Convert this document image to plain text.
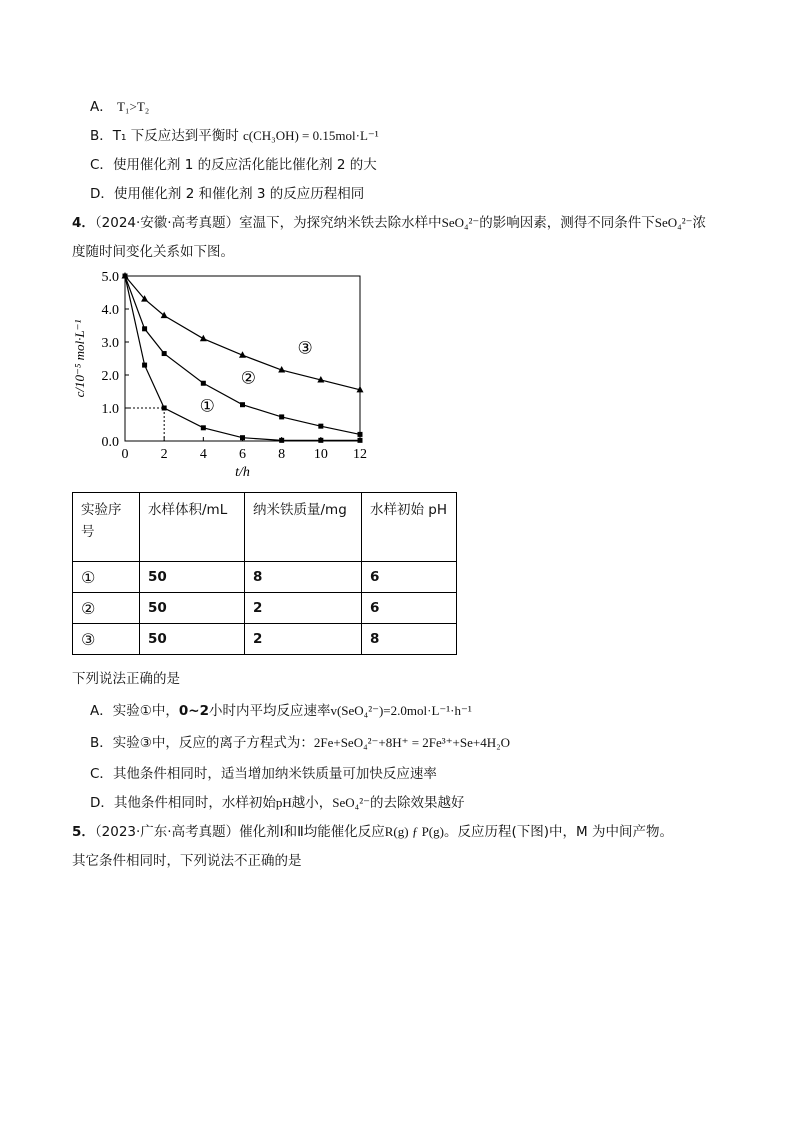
A． T₁>T₂
B．T₁ 下反应达到平衡时 c(CH₃OH) = 0.15mol·L⁻¹
C．使用催化剂 1 的反应活化能比催化剂 2 的大
D．使用催化剂 2 和催化剂 3 的反应历程相同
4．（2024·安徽·高考真题）室温下，为探究纳米铁去除水样中SeO₄²⁻的影响因素，测得不同条件下SeO₄²⁻浓
度随时间变化关系如下图。
0 2 4 6 8 10 12
0.0
1.0
2.0
3.0
4.0
5.0
①
②
③
c/10⁻⁵ mol·L⁻¹
t/h
实验序
号	水样体积/mL	纳米铁质量/mg	水样初始 pH
①	50	8	6
②	50	2	6
③	50	2	8
下列说法正确的是
A．实验①中，0~2小时内平均反应速率v(SeO₄²⁻)=2.0mol·L⁻¹·h⁻¹
B．实验③中，反应的离子方程式为：2Fe+SeO₄²⁻+8H⁺ = 2Fe³⁺+Se+4H₂O
C．其他条件相同时，适当增加纳米铁质量可加快反应速率
D．其他条件相同时，水样初始pH越小，SeO₄²⁻的去除效果越好
5．（2023·广东·高考真题）催化剂Ⅰ和Ⅱ均能催化反应R(g) ƒ P(g)。反应历程(下图)中，M 为中间产物。
其它条件相同时，下列说法不正确的是
